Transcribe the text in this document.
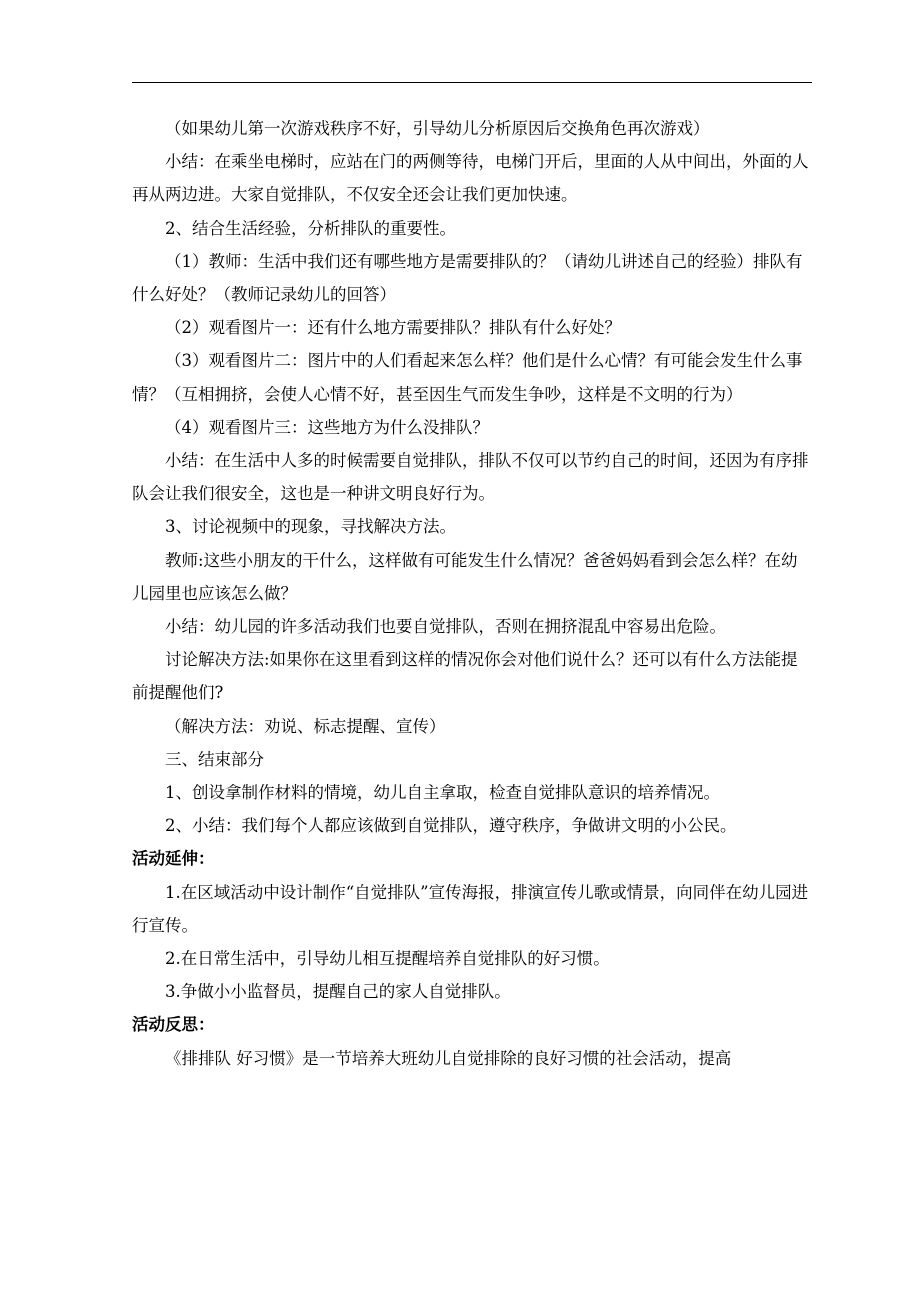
（如果幼儿第一次游戏秩序不好，引导幼儿分析原因后交换角色再次游戏）

小结：在乘坐电梯时，应站在门的两侧等待，电梯门开后，里面的人从中间出，外面的人再从两边进。大家自觉排队，不仅安全还会让我们更加快速。

2、结合生活经验，分析排队的重要性。

（1）教师：生活中我们还有哪些地方是需要排队的？（请幼儿讲述自己的经验）排队有什么好处？（教师记录幼儿的回答）

（2）观看图片一：还有什么地方需要排队？排队有什么好处？

（3）观看图片二：图片中的人们看起来怎么样？他们是什么心情？有可能会发生什么事情？（互相拥挤，会使人心情不好，甚至因生气而发生争吵，这样是不文明的行为）

（4）观看图片三：这些地方为什么没排队？

小结：在生活中人多的时候需要自觉排队，排队不仅可以节约自己的时间，还因为有序排队会让我们很安全，这也是一种讲文明良好行为。

3、讨论视频中的现象，寻找解决方法。

教师:这些小朋友的干什么，这样做有可能发生什么情况？爸爸妈妈看到会怎么样？在幼儿园里也应该怎么做？

小结：幼儿园的许多活动我们也要自觉排队，否则在拥挤混乱中容易出危险。

讨论解决方法:如果你在这里看到这样的情况你会对他们说什么？还可以有什么方法能提前提醒他们?

（解决方法：劝说、标志提醒、宣传）

三、结束部分

1、创设拿制作材料的情境，幼儿自主拿取，检查自觉排队意识的培养情况。

2、小结：我们每个人都应该做到自觉排队，遵守秩序，争做讲文明的小公民。

活动延伸：

1.在区域活动中设计制作“自觉排队”宣传海报，排演宣传儿歌或情景，向同伴在幼儿园进行宣传。

2.在日常生活中，引导幼儿相互提醒培养自觉排队的好习惯。

3.争做小小监督员，提醒自己的家人自觉排队。

活动反思：

《排排队 好习惯》是一节培养大班幼儿自觉排除的良好习惯的社会活动，提高
